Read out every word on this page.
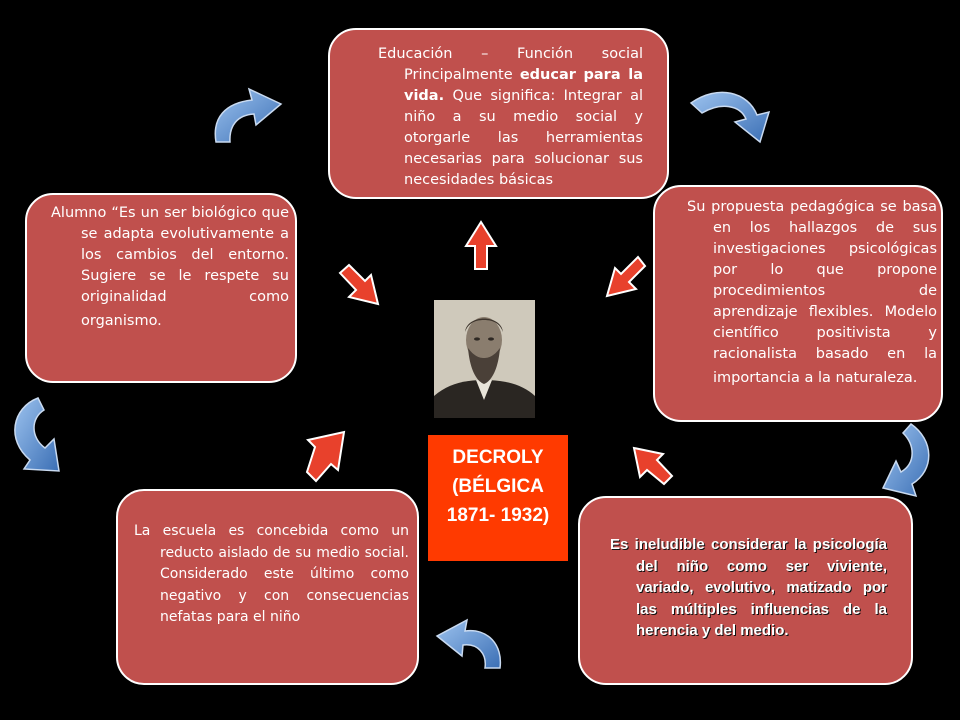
Educación – Función social Principalmente educar para la vida. Que significa: Integrar al niño a su medio social y otorgarle las herramientas necesarias para solucionar sus necesidades básicas

Su propuesta pedagógica se basa en los hallazgos de sus investigaciones psicológicas por lo que propone procedimientos de aprendizaje flexibles. Modelo científico positivista y racionalista basado en la importancia a la naturaleza.

Alumno “Es un ser biológico que se adapta evolutivamente a los cambios del entorno. Sugiere se le respete su originalidad como organismo.

La escuela es concebida como un reducto aislado de su medio social. Considerado este último como negativo y con consecuencias nefatas para el niño

Es ineludible considerar la psicología del niño como ser viviente, variado, evolutivo, matizado por las múltiples influencias de la herencia y del medio.

DECROLY
(BÉLGICA
1871- 1932)
